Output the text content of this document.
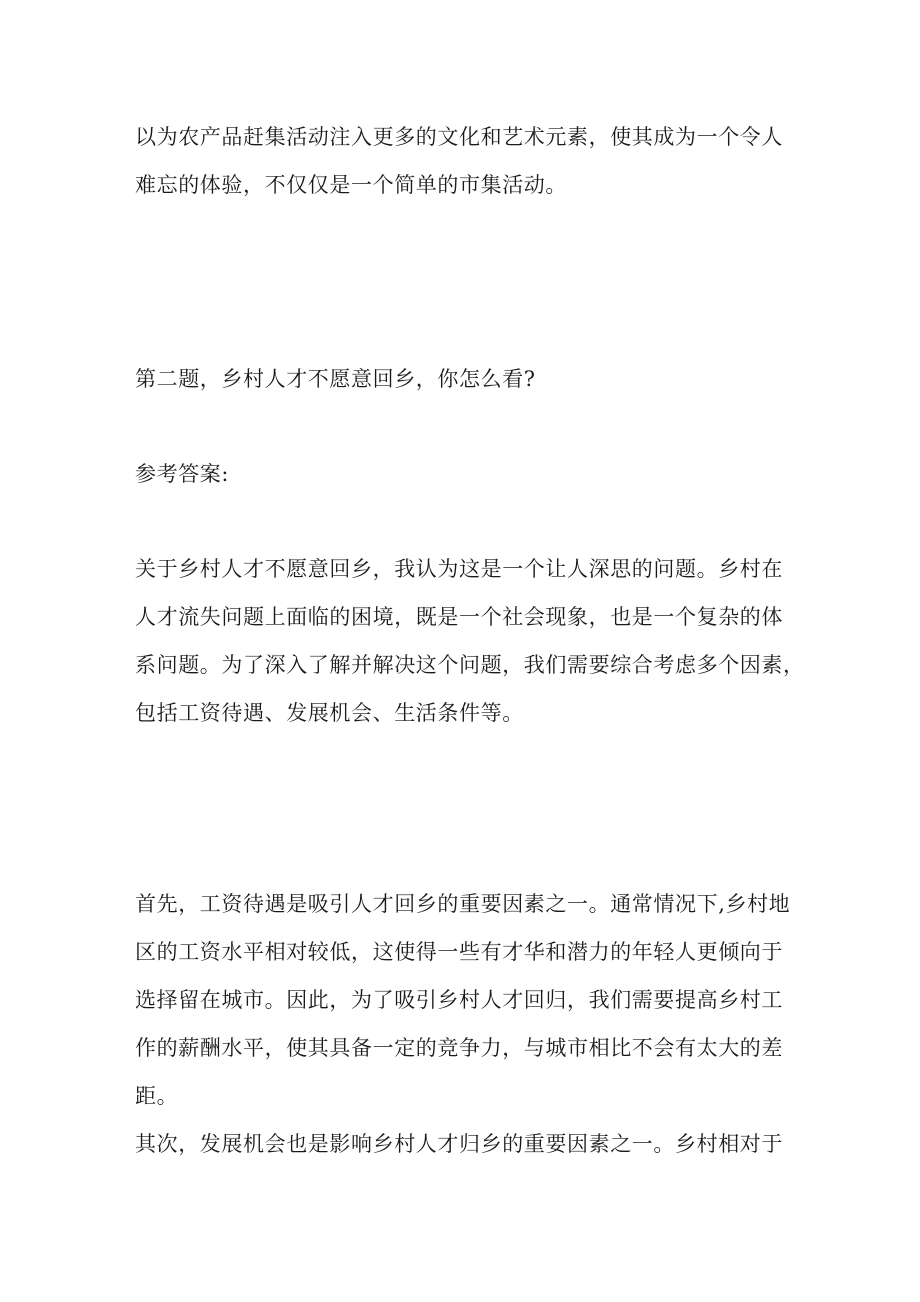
以为农产品赶集活动注入更多的文化和艺术元素，使其成为一个令人
难忘的体验，不仅仅是一个简单的市集活动。

第二题，乡村人才不愿意回乡，你怎么看?

参考答案:

关于乡村人才不愿意回乡，我认为这是一个让人深思的问题。乡村在
人才流失问题上面临的困境，既是一个社会现象，也是一个复杂的体
系问题。为了深入了解并解决这个问题，我们需要综合考虑多个因素，
包括工资待遇、发展机会、生活条件等。

首先，工资待遇是吸引人才回乡的重要因素之一。通常情况下,乡村地
区的工资水平相对较低，这使得一些有才华和潜力的年轻人更倾向于
选择留在城市。因此，为了吸引乡村人才回归，我们需要提高乡村工
作的薪酬水平，使其具备一定的竞争力，与城市相比不会有太大的差
距。

其次，发展机会也是影响乡村人才归乡的重要因素之一。乡村相对于
